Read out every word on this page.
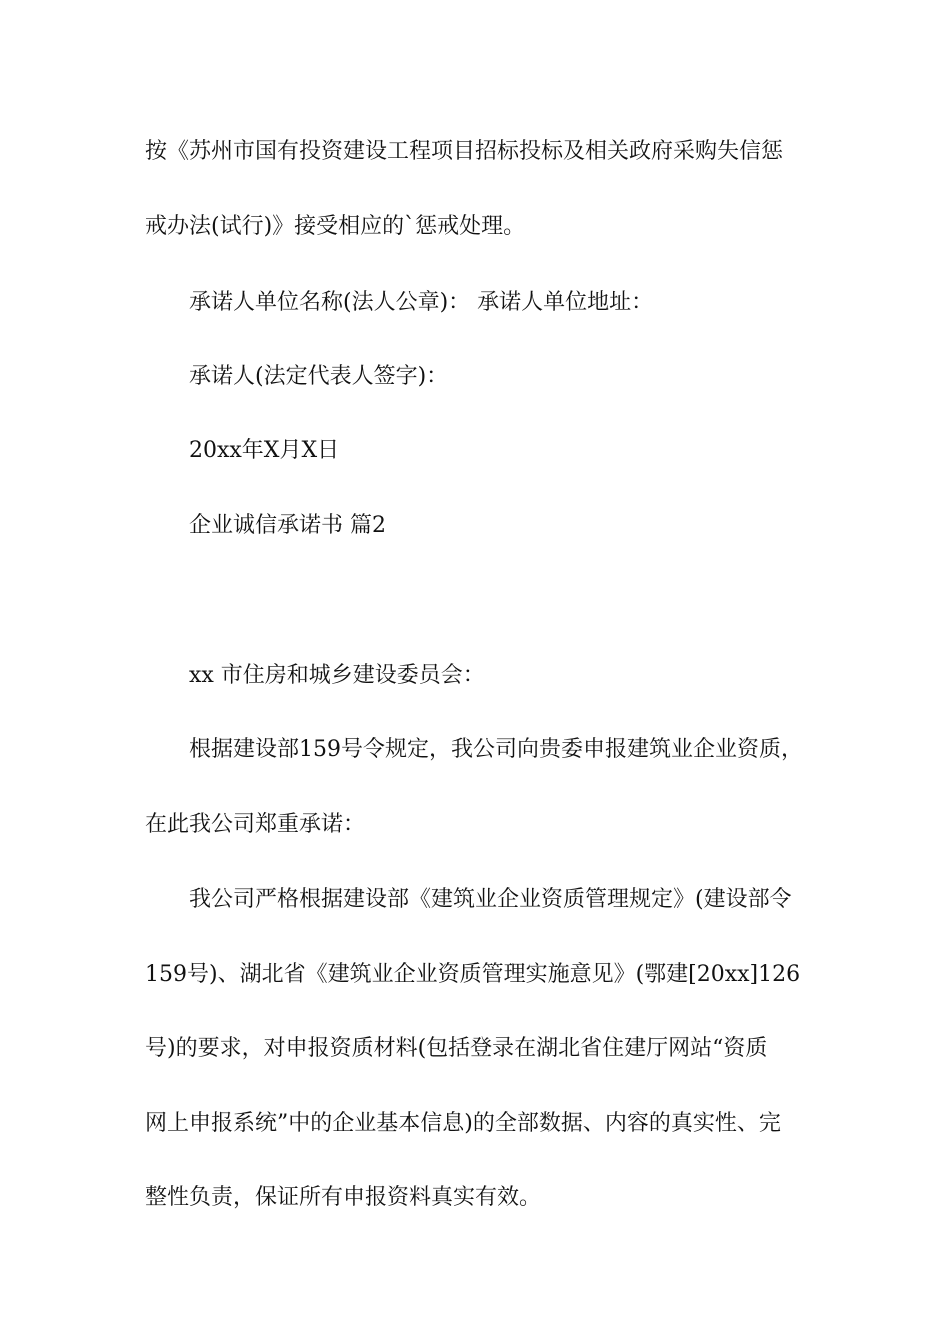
按《苏州市国有投资建设工程项目招标投标及相关政府采购失信惩
戒办法(试行)》接受相应的`惩戒处理。
承诺人单位名称(法人公章)： 承诺人单位地址：
承诺人(法定代表人签字)：
20xx年X月X日
企业诚信承诺书 篇2
xx 市住房和城乡建设委员会：
根据建设部159号令规定，我公司向贵委申报建筑业企业资质，
在此我公司郑重承诺：
我公司严格根据建设部《建筑业企业资质管理规定》(建设部令
159号)、湖北省《建筑业企业资质管理实施意见》(鄂建[20xx]126
号)的要求，对申报资质材料(包括登录在湖北省住建厅网站“资质
网上申报系统”中的企业基本信息)的全部数据、内容的真实性、完
整性负责，保证所有申报资料真实有效。
